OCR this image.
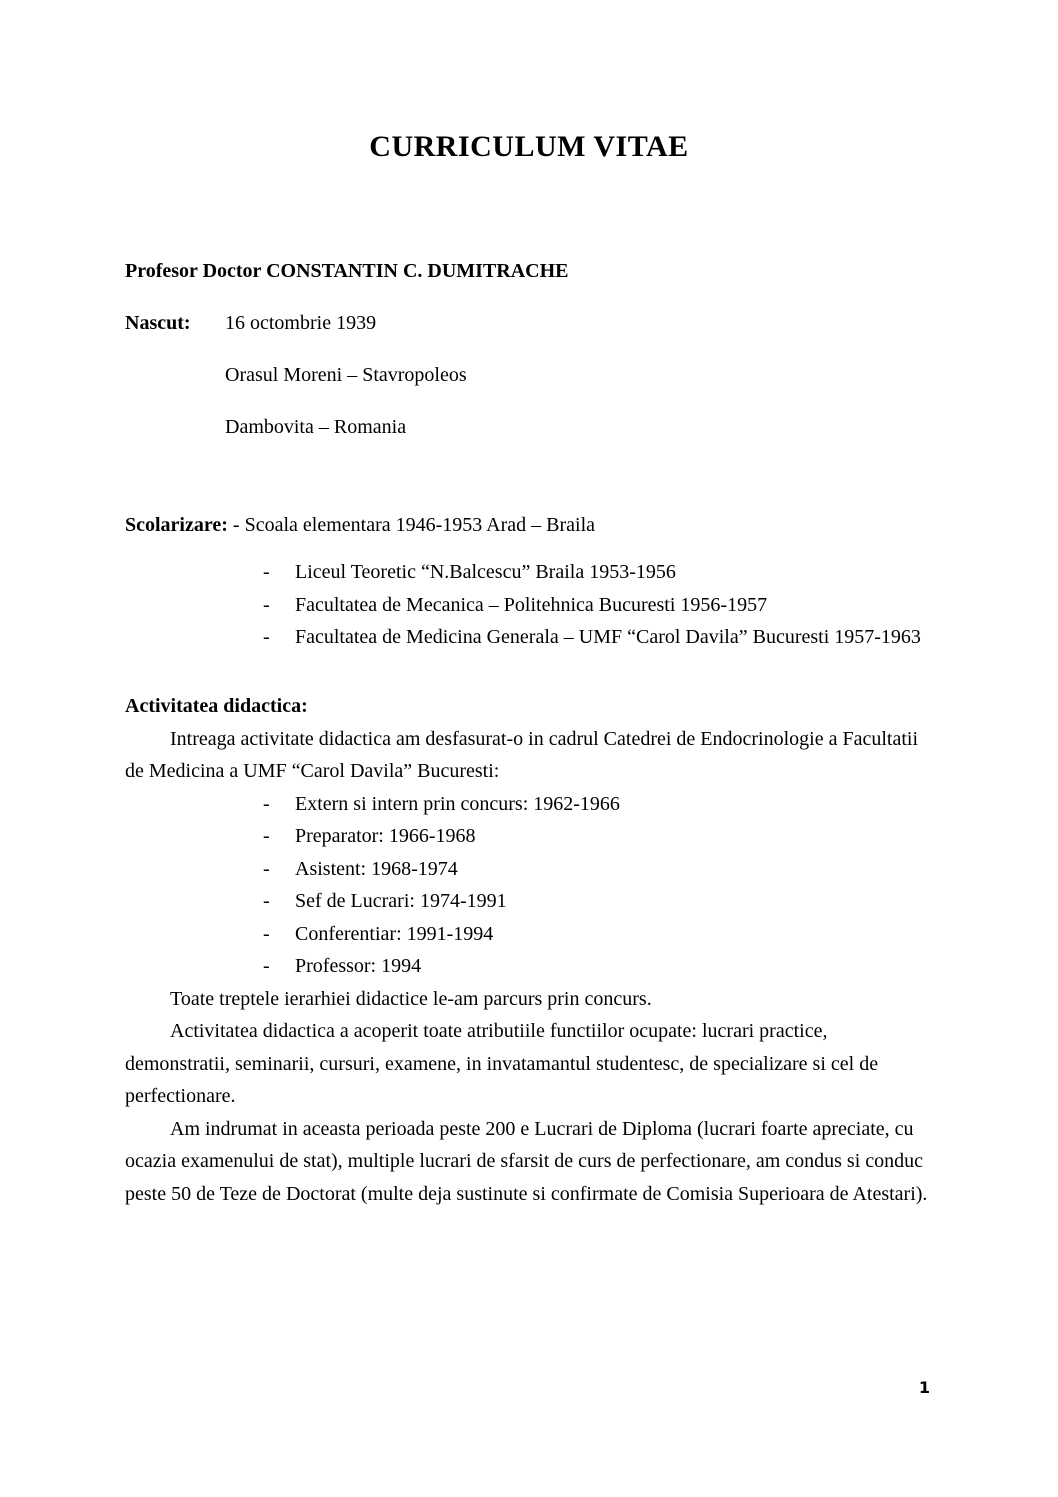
CURRICULUM VITAE
Profesor Doctor CONSTANTIN C. DUMITRACHE
Nascut:	16 octombrie 1939
Orasul Moreni – Stavropoleos
Dambovita – Romania
Scolarizare: - Scoala elementara 1946-1953 Arad – Braila
- Liceul Teoretic “N.Balcescu” Braila 1953-1956
- Facultatea de Mecanica – Politehnica Bucuresti 1956-1957
- Facultatea de Medicina Generala – UMF “Carol Davila” Bucuresti 1957-1963
Activitatea didactica:
Intreaga activitate didactica am desfasurat-o in cadrul Catedrei de Endocrinologie a Facultatii de Medicina a UMF “Carol Davila” Bucuresti:
- Extern si intern prin concurs: 1962-1966
- Preparator: 1966-1968
- Asistent: 1968-1974
- Sef de Lucrari: 1974-1991
- Conferentiar: 1991-1994
- Professor: 1994
Toate treptele ierarhiei didactice le-am parcurs prin concurs.
Activitatea didactica a acoperit toate atributiile functiilor ocupate: lucrari practice, demonstratii, seminarii, cursuri, examene, in invatamantul studentesc, de specializare si cel de perfectionare.
Am indrumat in aceasta perioada peste 200 e Lucrari de Diploma (lucrari foarte apreciate, cu ocazia examenului de stat), multiple lucrari de sfarsit de curs de perfectionare, am condus si conduc peste 50 de Teze de Doctorat (multe deja sustinute si confirmate de Comisia Superioara de Atestari).
1
